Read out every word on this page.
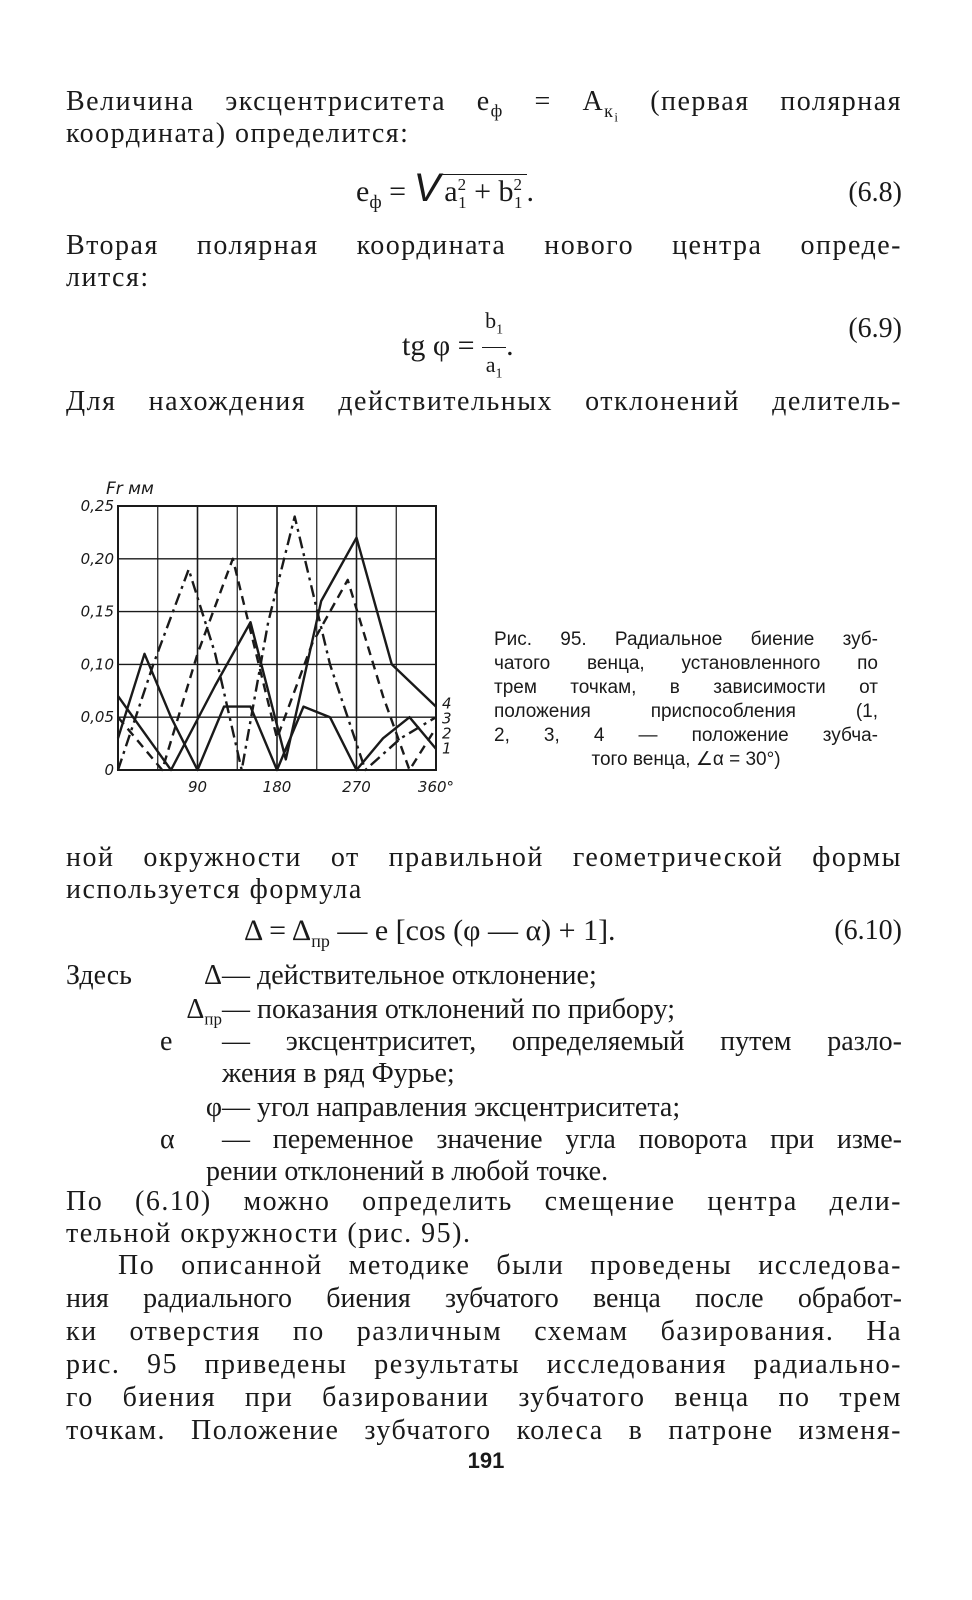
Величина эксцентриситета $e_ф = A_{к_i}$ (первая полярная
координата) определится:
$e_ф = V$ $a^2_1 + b^2_1$ .	(6.8)
Вторая полярная координата нового центра опреде-
лится:
tg $\varphi = \frac{b_1}{a_1}$ .
(6.9)
Для нахождения действительных отклонений делитель-
0
0,05
0,10
0,15
0,20
0,25
90	180	270	360°
4
3
2
1
Fr мм
Рис. 95. Радиальное биение зуб-
чатого венца, установленного по
трем точкам, в зависимости от
положения приспособления (1,
2, 3, 4 — положение зубча-
того венца, ∠α = 30°)
ной окружности от правильной геометрической формы
используется формула
$\Delta = \Delta_{пр}$ — e [cos (φ — α) + 1].	(6.10)
Здесь	Δ— действительное отклонение;
$\Delta_{пр}—$ показания отклонений по прибору;
e — эксцентриситет, определяемый путем разло-
жения в ряд Фурье;
φ— угол направления эксцентриситета;
α — переменное значение угла поворота при изме-
рении отклонений в любой точке.
По (6.10) можно определить смещение центра дели-
тельной окружности (рис. 95).
По описанной методике были проведены исследова-
ния радиального биения зубчатого венца после обработ-
ки отверстия по различным схемам базирования. На
рис. 95 приведены результаты исследования радиально-
го биения при базировании зубчатого венца по трем
точкам. Положение зубчатого колеса в патроне изменя-
191
